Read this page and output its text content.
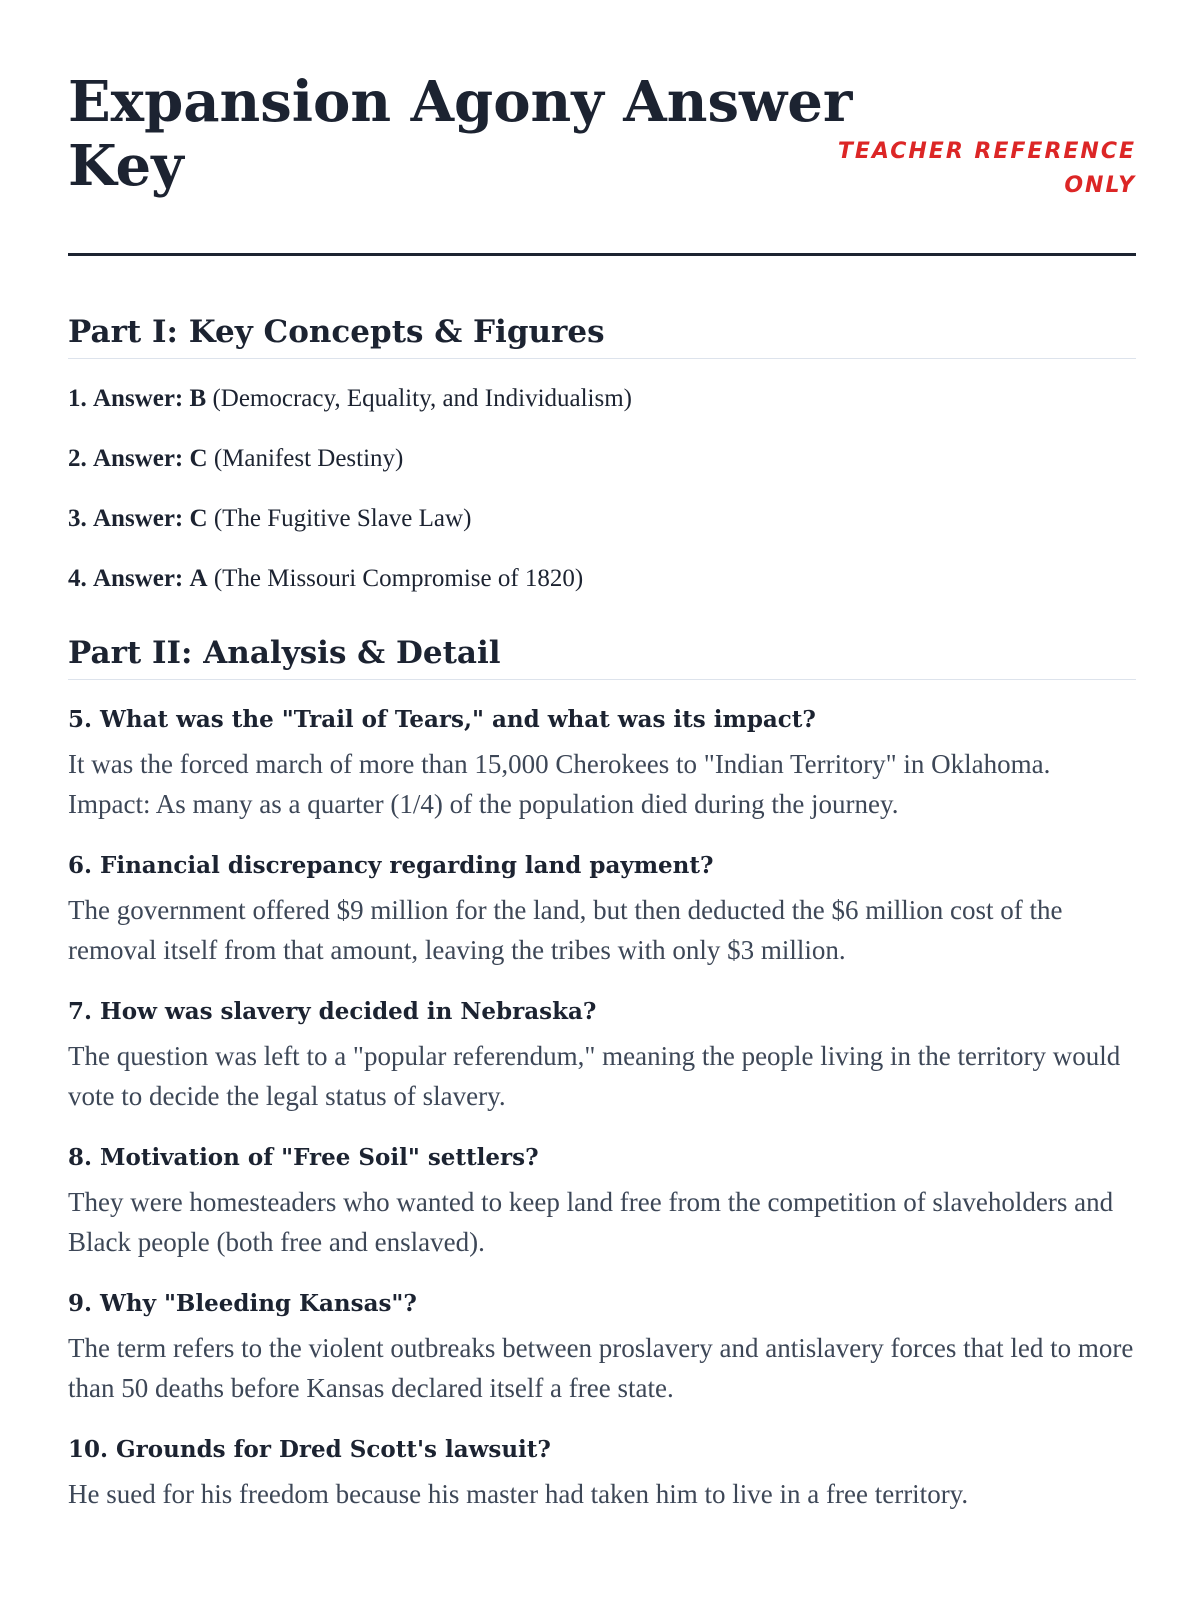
Expansion Agony Answer Key	TEACHER REFERENCE ONLY
Part I: Key Concepts & Figures
1. Answer: B (Democracy, Equality, and Individualism)
2. Answer: C (Manifest Destiny)
3. Answer: C (The Fugitive Slave Law)
4. Answer: A (The Missouri Compromise of 1820)
Part II: Analysis & Detail

5. What was the "Trail of Tears," and what was its impact?

It was the forced march of more than 15,000 Cherokees to "Indian Territory" in Oklahoma. Impact: As many as a quarter (1/4) of the population died during the journey.

6. Financial discrepancy regarding land payment?

The government offered $9 million for the land, but then deducted the $6 million cost of the removal itself from that amount, leaving the tribes with only $3 million.

7. How was slavery decided in Nebraska?

The question was left to a "popular referendum," meaning the people living in the territory would vote to decide the legal status of slavery.

8. Motivation of "Free Soil" settlers?

They were homesteaders who wanted to keep land free from the competition of slaveholders and Black people (both free and enslaved).

9. Why "Bleeding Kansas"?

The term refers to the violent outbreaks between proslavery and antislavery forces that led to more than 50 deaths before Kansas declared itself a free state.

10. Grounds for Dred Scott's lawsuit?

He sued for his freedom because his master had taken him to live in a free territory.
